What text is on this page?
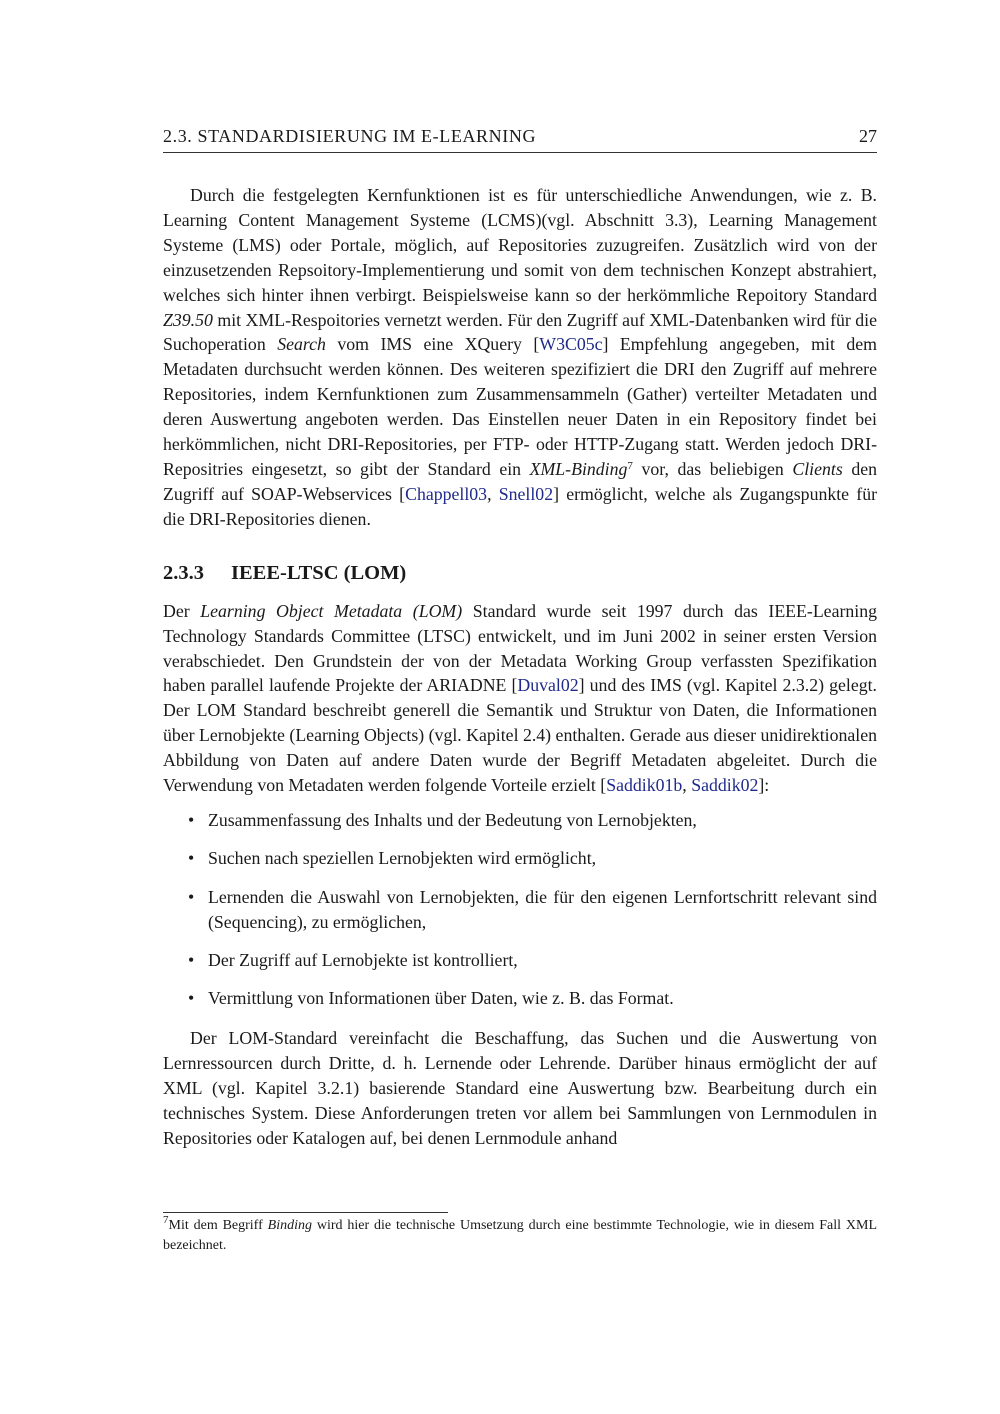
2.3. STANDARDISIERUNG IM E-LEARNING	27

Durch die festgelegten Kernfunktionen ist es für unterschiedliche Anwendungen, wie z. B. Learning Content Management Systeme (LCMS)(vgl. Abschnitt 3.3), Learning Management Systeme (LMS) oder Portale, möglich, auf Repositories zuzugreifen. Zusätzlich wird von der einzusetzenden Repsoitory-Implementierung und somit von dem technischen Konzept abstrahiert, welches sich hinter ihnen verbirgt. Beispielsweise kann so der herkömmliche Repoitory Standard Z39.50 mit XML-Respoitories vernetzt werden. Für den Zugriff auf XML-Datenbanken wird für die Suchoperation Search vom IMS eine XQuery [W3C05c] Empfehlung angegeben, mit dem Metadaten durchsucht werden können. Des weiteren spezifiziert die DRI den Zugriff auf mehrere Repositories, indem Kernfunktionen zum Zusammensammeln (Gather) verteilter Metadaten und deren Auswertung angeboten werden. Das Einstellen neuer Daten in ein Repository findet bei herkömmlichen, nicht DRI-Repositories, per FTP- oder HTTP-Zugang statt. Werden jedoch DRI-Repositries eingesetzt, so gibt der Standard ein XML-Binding$^7$ vor, das beliebigen Clients den Zugriff auf SOAP-Webservices [Chappell03, Snell02] ermöglicht, welche als Zugangspunkte für die DRI-Repositories dienen.

2.3.3 IEEE-LTSC (LOM)

Der Learning Object Metadata (LOM) Standard wurde seit 1997 durch das IEEE-Learning Technology Standards Committee (LTSC) entwickelt, und im Juni 2002 in seiner ersten Version verabschiedet. Den Grundstein der von der Metadata Working Group verfassten Spezifikation haben parallel laufende Projekte der ARIADNE [Duval02] und des IMS (vgl. Kapitel 2.3.2) gelegt. Der LOM Standard beschreibt generell die Semantik und Struktur von Daten, die Informationen über Lernobjekte (Learning Objects) (vgl. Kapitel 2.4) enthalten. Gerade aus dieser unidirektionalen Abbildung von Daten auf andere Daten wurde der Begriff Metadaten abgeleitet. Durch die Verwendung von Metadaten werden folgende Vorteile erzielt [Saddik01b, Saddik02]:

• Zusammenfassung des Inhalts und der Bedeutung von Lernobjekten,
• Suchen nach speziellen Lernobjekten wird ermöglicht,
• Lernenden die Auswahl von Lernobjekten, die für den eigenen Lernfortschritt relevant sind (Sequencing), zu ermöglichen,
• Der Zugriff auf Lernobjekte ist kontrolliert,
• Vermittlung von Informationen über Daten, wie z. B. das Format.

Der LOM-Standard vereinfacht die Beschaffung, das Suchen und die Auswertung von Lernressourcen durch Dritte, d. h. Lernende oder Lehrende. Darüber hinaus ermöglicht der auf XML (vgl. Kapitel 3.2.1) basierende Standard eine Auswertung bzw. Bearbeitung durch ein technisches System. Diese Anforderungen treten vor allem bei Sammlungen von Lernmodulen in Repositories oder Katalogen auf, bei denen Lernmodule anhand

$^7$Mit dem Begriff Binding wird hier die technische Umsetzung durch eine bestimmte Technologie, wie in diesem Fall XML bezeichnet.
